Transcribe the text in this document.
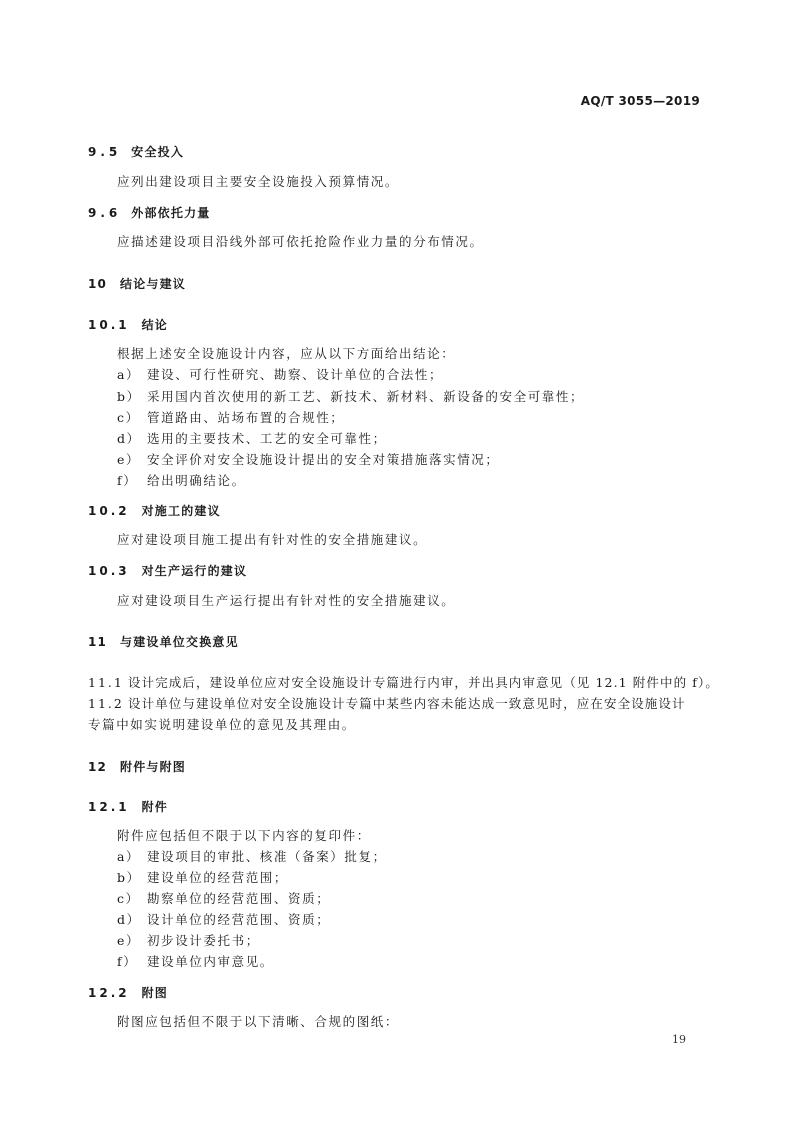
AQ/T 3055—2019
9.5 安全投入
应列出建设项目主要安全设施投入预算情况。
9.6 外部依托力量
应描述建设项目沿线外部可依托抢险作业力量的分布情况。
10 结论与建议
10.1 结论
根据上述安全设施设计内容，应从以下方面给出结论：
a） 建设、可行性研究、勘察、设计单位的合法性；
b） 采用国内首次使用的新工艺、新技术、新材料、新设备的安全可靠性；
c） 管道路由、站场布置的合规性；
d） 选用的主要技术、工艺的安全可靠性；
e） 安全评价对安全设施设计提出的安全对策措施落实情况；
f） 给出明确结论。
10.2 对施工的建议
应对建设项目施工提出有针对性的安全措施建议。
10.3 对生产运行的建议
应对建设项目生产运行提出有针对性的安全措施建议。
11 与建设单位交换意见
11.1 设计完成后，建设单位应对安全设施设计专篇进行内审，并出具内审意见（见 12.1 附件中的 f）。
11.2 设计单位与建设单位对安全设施设计专篇中某些内容未能达成一致意见时，应在安全设施设计
专篇中如实说明建设单位的意见及其理由。
12 附件与附图
12.1 附件
附件应包括但不限于以下内容的复印件：
a） 建设项目的审批、核准（备案）批复；
b） 建设单位的经营范围；
c） 勘察单位的经营范围、资质；
d） 设计单位的经营范围、资质；
e） 初步设计委托书；
f） 建设单位内审意见。
12.2 附图
附图应包括但不限于以下清晰、合规的图纸：
19
